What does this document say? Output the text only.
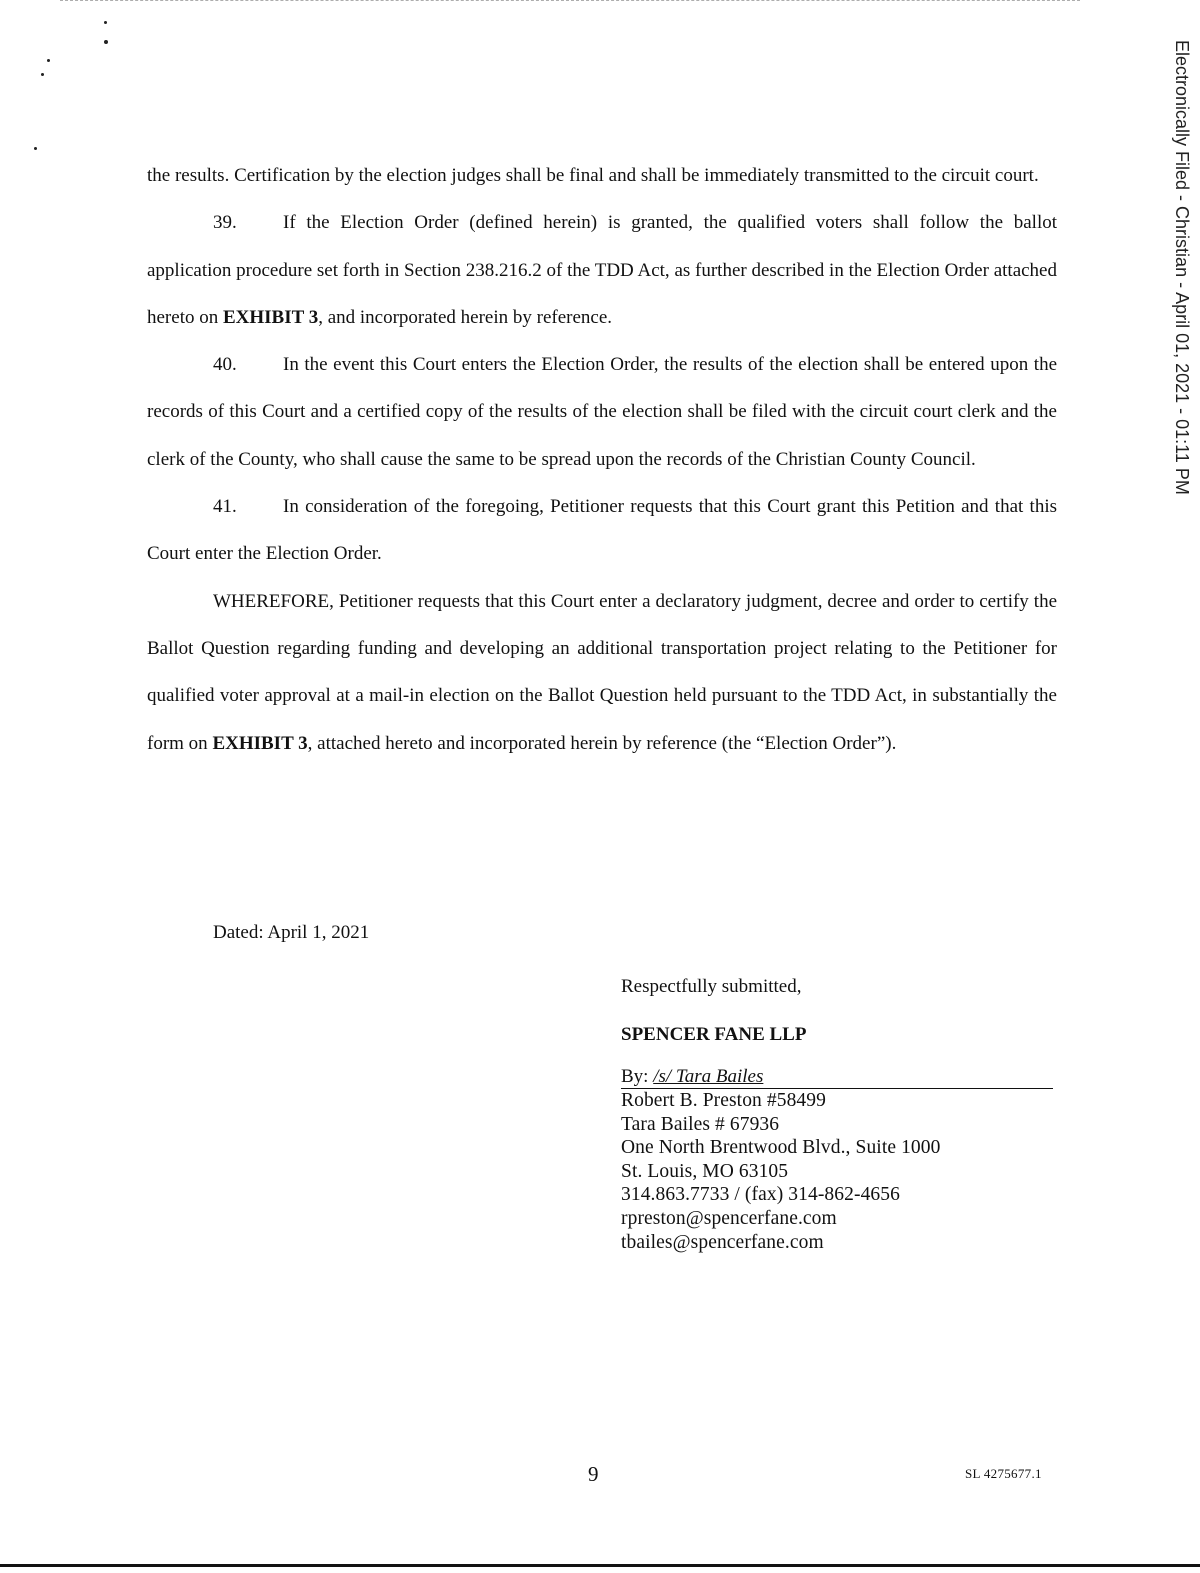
Electronically Filed - Christian - April 01, 2021 - 01:11 PM

the results. Certification by the election judges shall be final and shall be immediately transmitted to the circuit court.

39. If the Election Order (defined herein) is granted, the qualified voters shall follow the ballot application procedure set forth in Section 238.216.2 of the TDD Act, as further described in the Election Order attached hereto on EXHIBIT 3, and incorporated herein by reference.

40. In the event this Court enters the Election Order, the results of the election shall be entered upon the records of this Court and a certified copy of the results of the election shall be filed with the circuit court clerk and the clerk of the County, who shall cause the same to be spread upon the records of the Christian County Council.

41. In consideration of the foregoing, Petitioner requests that this Court grant this Petition and that this Court enter the Election Order.

WHEREFORE, Petitioner requests that this Court enter a declaratory judgment, decree and order to certify the Ballot Question regarding funding and developing an additional transportation project relating to the Petitioner for qualified voter approval at a mail-in election on the Ballot Question held pursuant to the TDD Act, in substantially the form on EXHIBIT 3, attached hereto and incorporated herein by reference (the “Election Order”).

Dated: April 1, 2021

Respectfully submitted,

SPENCER FANE LLP

By: /s/ Tara Bailes

Robert B. Preston #58499

Tara Bailes # 67936

One North Brentwood Blvd., Suite 1000

St. Louis, MO 63105

314.863.7733 / (fax) 314-862-4656

rpreston@spencerfane.com

tbailes@spencerfane.com

9	SL 4275677.1
